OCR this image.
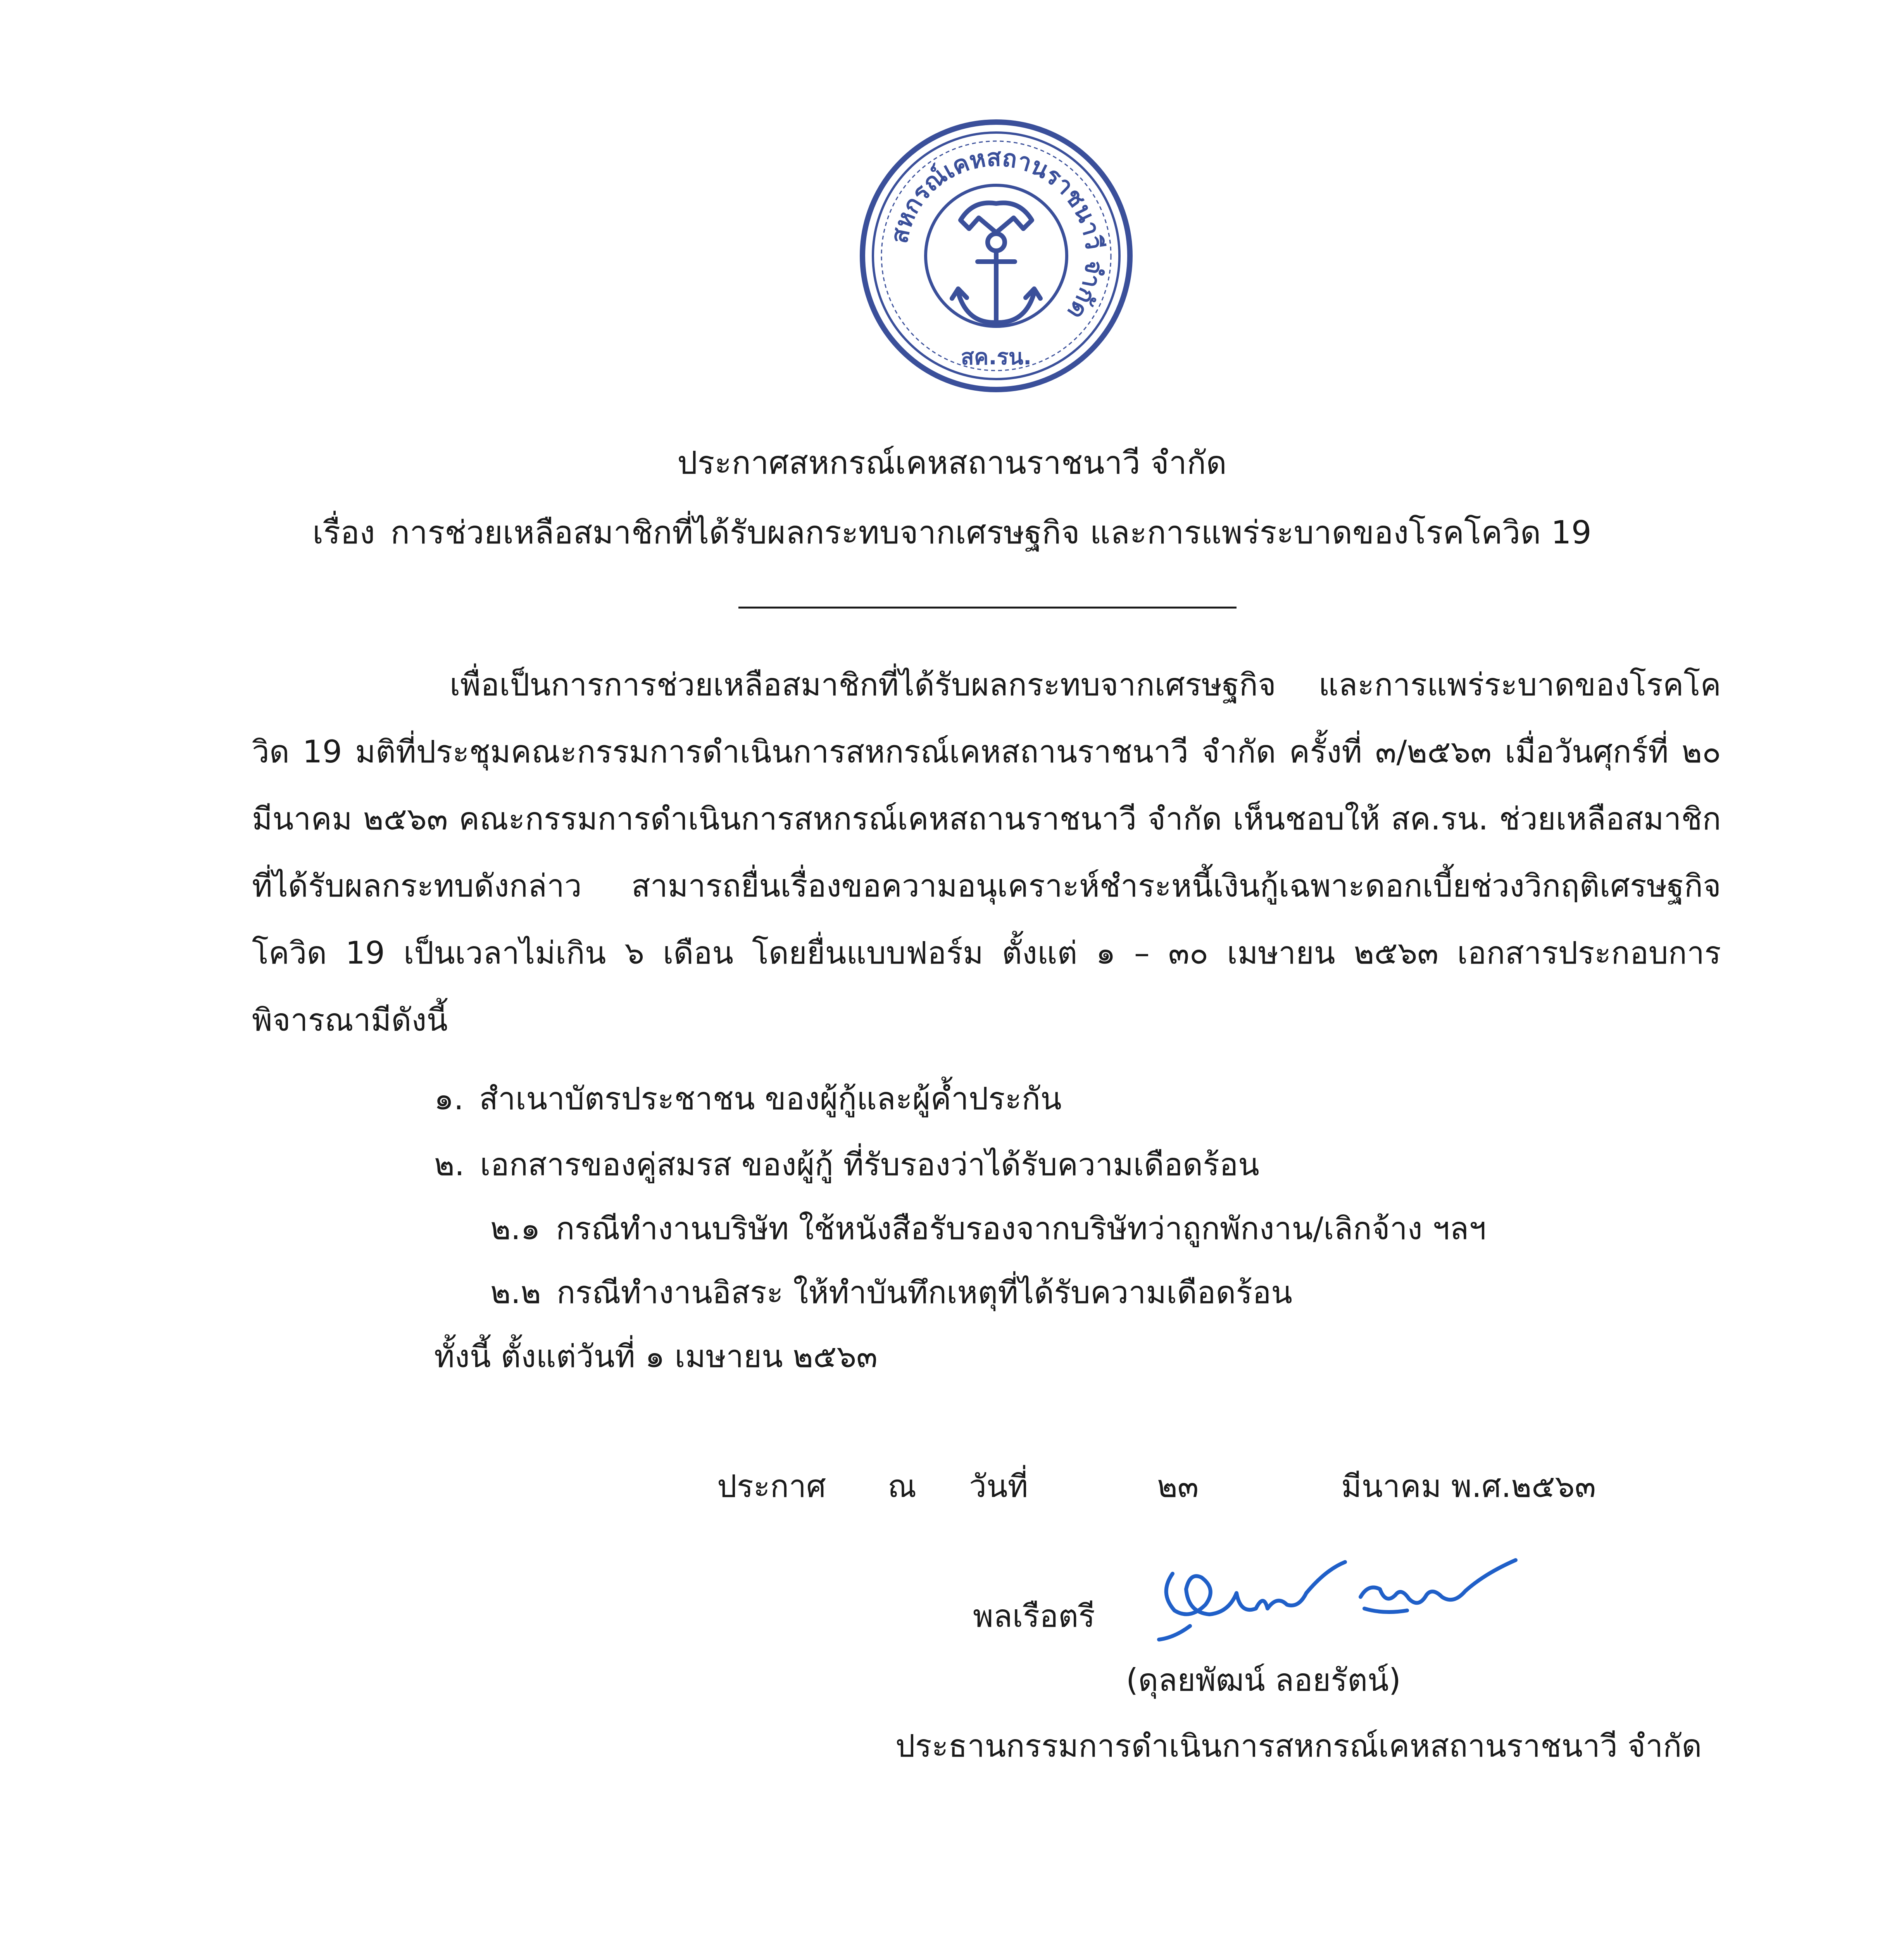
สหกรณ์เคหสถานราชนาวี จำกัด
สค.รน.
ประกาศสหกรณ์เคหสถานราชนาวี จำกัด
เรื่อง การช่วยเหลือสมาชิกที่ได้รับผลกระทบจากเศรษฐกิจ และการแพร่ระบาดของโรคโควิด 19
เพื่อเป็นการการช่วยเหลือสมาชิกที่ได้รับผลกระทบจากเศรษฐกิจ และการแพร่ระบาดของโรคโควิด 19 มติที่ประชุมคณะกรรมการดำเนินการสหกรณ์เคหสถานราชนาวี จำกัด ครั้งที่ ๓/๒๕๖๓ เมื่อวันศุกร์ที่ ๒๐ มีนาคม ๒๕๖๓ คณะกรรมการดำเนินการสหกรณ์เคหสถานราชนาวี จำกัด เห็นชอบให้ สค.รน. ช่วยเหลือสมาชิกที่ได้รับผลกระทบดังกล่าว สามารถยื่นเรื่องขอความอนุเคราะห์ชำระหนี้เงินกู้เฉพาะดอกเบี้ยช่วงวิกฤติเศรษฐกิจ โควิด 19 เป็นเวลาไม่เกิน ๖ เดือน โดยยื่นแบบฟอร์ม ตั้งแต่ ๑ – ๓๐ เมษายน ๒๕๖๓ เอกสารประกอบการพิจารณามีดังนี้
๑. สำเนาบัตรประชาชน ของผู้กู้และผู้ค้ำประกัน
๒. เอกสารของคู่สมรส ของผู้กู้ ที่รับรองว่าได้รับความเดือดร้อน
๒.๑ กรณีทำงานบริษัท ใช้หนังสือรับรองจากบริษัทว่าถูกพักงาน/เลิกจ้าง ฯลฯ
๒.๒ กรณีทำงานอิสระ ให้ทำบันทึกเหตุที่ได้รับความเดือดร้อน
ทั้งนี้ ตั้งแต่วันที่ ๑ เมษายน ๒๕๖๓
ประกาศ ณ วันที่	๒๓	มีนาคม พ.ศ.๒๕๖๓
พลเรือตรี
(ดุลยพัฒน์ ลอยรัตน์)
ประธานกรรมการดำเนินการสหกรณ์เคหสถานราชนาวี จำกัด
